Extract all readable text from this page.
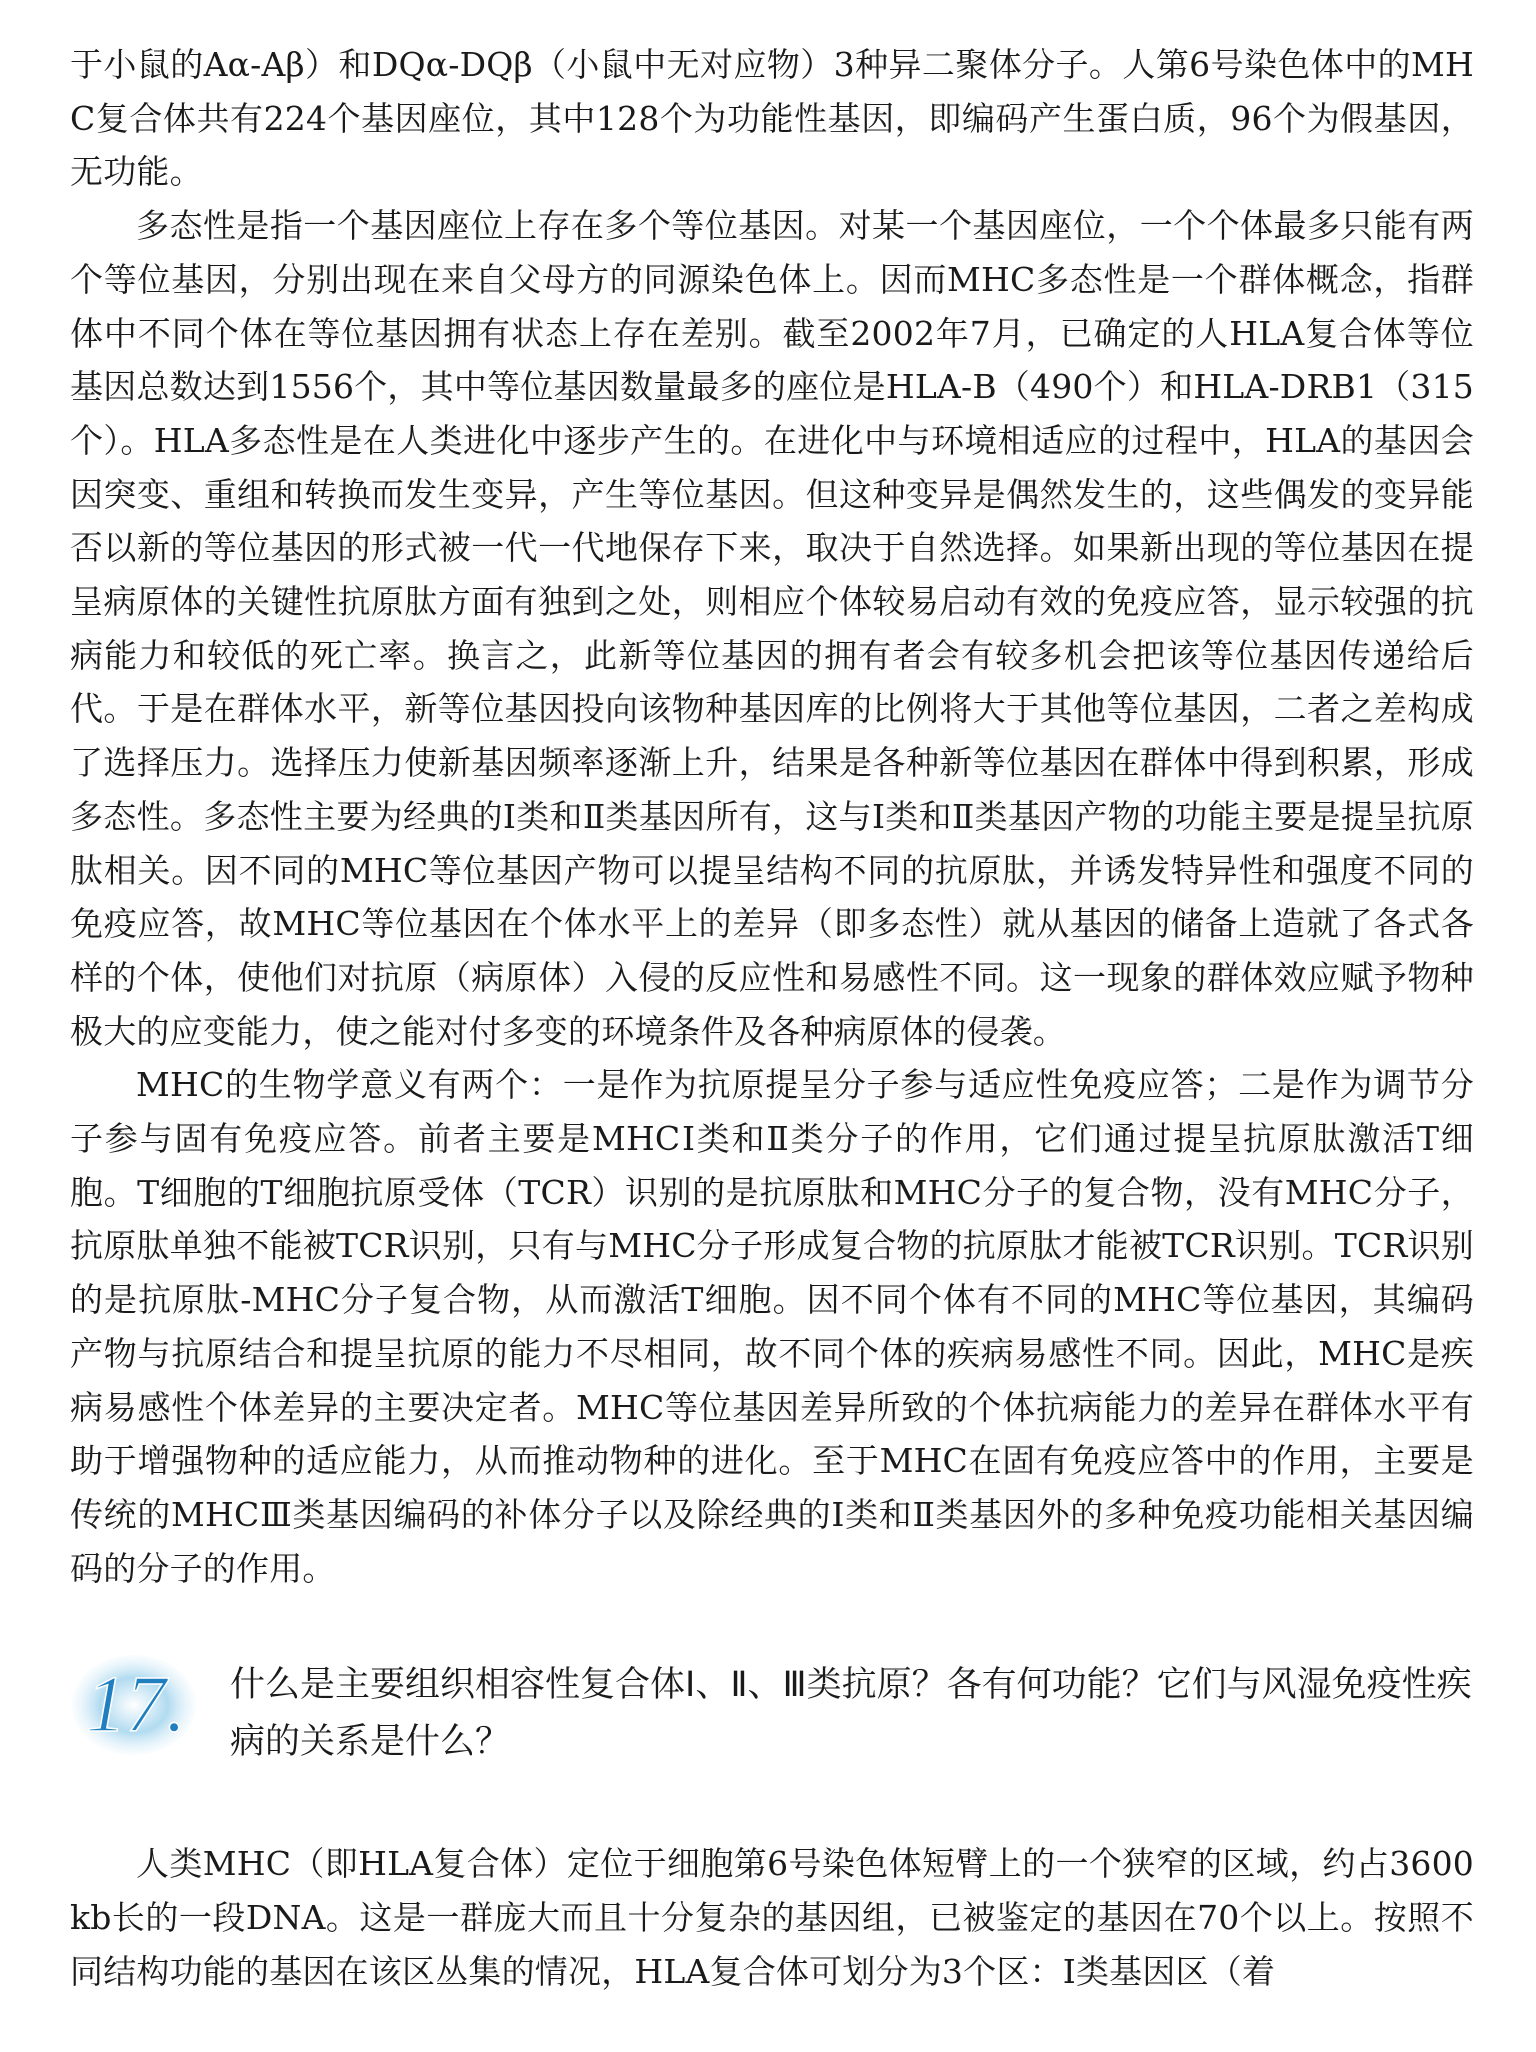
于小鼠的Aα-Aβ）和DQα-DQβ（小鼠中无对应物）3种异二聚体分子。人第6号染色体中的MHC复合体共有224个基因座位，其中128个为功能性基因，即编码产生蛋白质，96个为假基因，无功能。

多态性是指一个基因座位上存在多个等位基因。对某一个基因座位，一个个体最多只能有两个等位基因，分别出现在来自父母方的同源染色体上。因而MHC多态性是一个群体概念，指群体中不同个体在等位基因拥有状态上存在差别。截至2002年7月，已确定的人HLA复合体等位基因总数达到1556个，其中等位基因数量最多的座位是HLA-B（490个）和HLA-DRB1（315个）。HLA多态性是在人类进化中逐步产生的。在进化中与环境相适应的过程中，HLA的基因会因突变、重组和转换而发生变异，产生等位基因。但这种变异是偶然发生的，这些偶发的变异能否以新的等位基因的形式被一代一代地保存下来，取决于自然选择。如果新出现的等位基因在提呈病原体的关键性抗原肽方面有独到之处，则相应个体较易启动有效的免疫应答，显示较强的抗病能力和较低的死亡率。换言之，此新等位基因的拥有者会有较多机会把该等位基因传递给后代。于是在群体水平，新等位基因投向该物种基因库的比例将大于其他等位基因，二者之差构成了选择压力。选择压力使新基因频率逐渐上升，结果是各种新等位基因在群体中得到积累，形成多态性。多态性主要为经典的Ⅰ类和Ⅱ类基因所有，这与Ⅰ类和Ⅱ类基因产物的功能主要是提呈抗原肽相关。因不同的MHC等位基因产物可以提呈结构不同的抗原肽，并诱发特异性和强度不同的免疫应答，故MHC等位基因在个体水平上的差异（即多态性）就从基因的储备上造就了各式各样的个体，使他们对抗原（病原体）入侵的反应性和易感性不同。这一现象的群体效应赋予物种极大的应变能力，使之能对付多变的环境条件及各种病原体的侵袭。

MHC的生物学意义有两个：一是作为抗原提呈分子参与适应性免疫应答；二是作为调节分子参与固有免疫应答。前者主要是MHCⅠ类和Ⅱ类分子的作用，它们通过提呈抗原肽激活T细胞。T细胞的T细胞抗原受体（TCR）识别的是抗原肽和MHC分子的复合物，没有MHC分子，抗原肽单独不能被TCR识别，只有与MHC分子形成复合物的抗原肽才能被TCR识别。TCR识别的是抗原肽-MHC分子复合物，从而激活T细胞。因不同个体有不同的MHC等位基因，其编码产物与抗原结合和提呈抗原的能力不尽相同，故不同个体的疾病易感性不同。因此，MHC是疾病易感性个体差异的主要决定者。MHC等位基因差异所致的个体抗病能力的差异在群体水平有助于增强物种的适应能力，从而推动物种的进化。至于MHC在固有免疫应答中的作用，主要是传统的MHCⅢ类基因编码的补体分子以及除经典的Ⅰ类和Ⅱ类基因外的多种免疫功能相关基因编码的分子的作用。

17. 什么是主要组织相容性复合体Ⅰ、Ⅱ、Ⅲ类抗原？各有何功能？它们与风湿免疫性疾病的关系是什么？

人类MHC（即HLA复合体）定位于细胞第6号染色体短臂上的一个狭窄的区域，约占3600kb长的一段DNA。这是一群庞大而且十分复杂的基因组，已被鉴定的基因在70个以上。按照不同结构功能的基因在该区丛集的情况，HLA复合体可划分为3个区：Ⅰ类基因区（着
